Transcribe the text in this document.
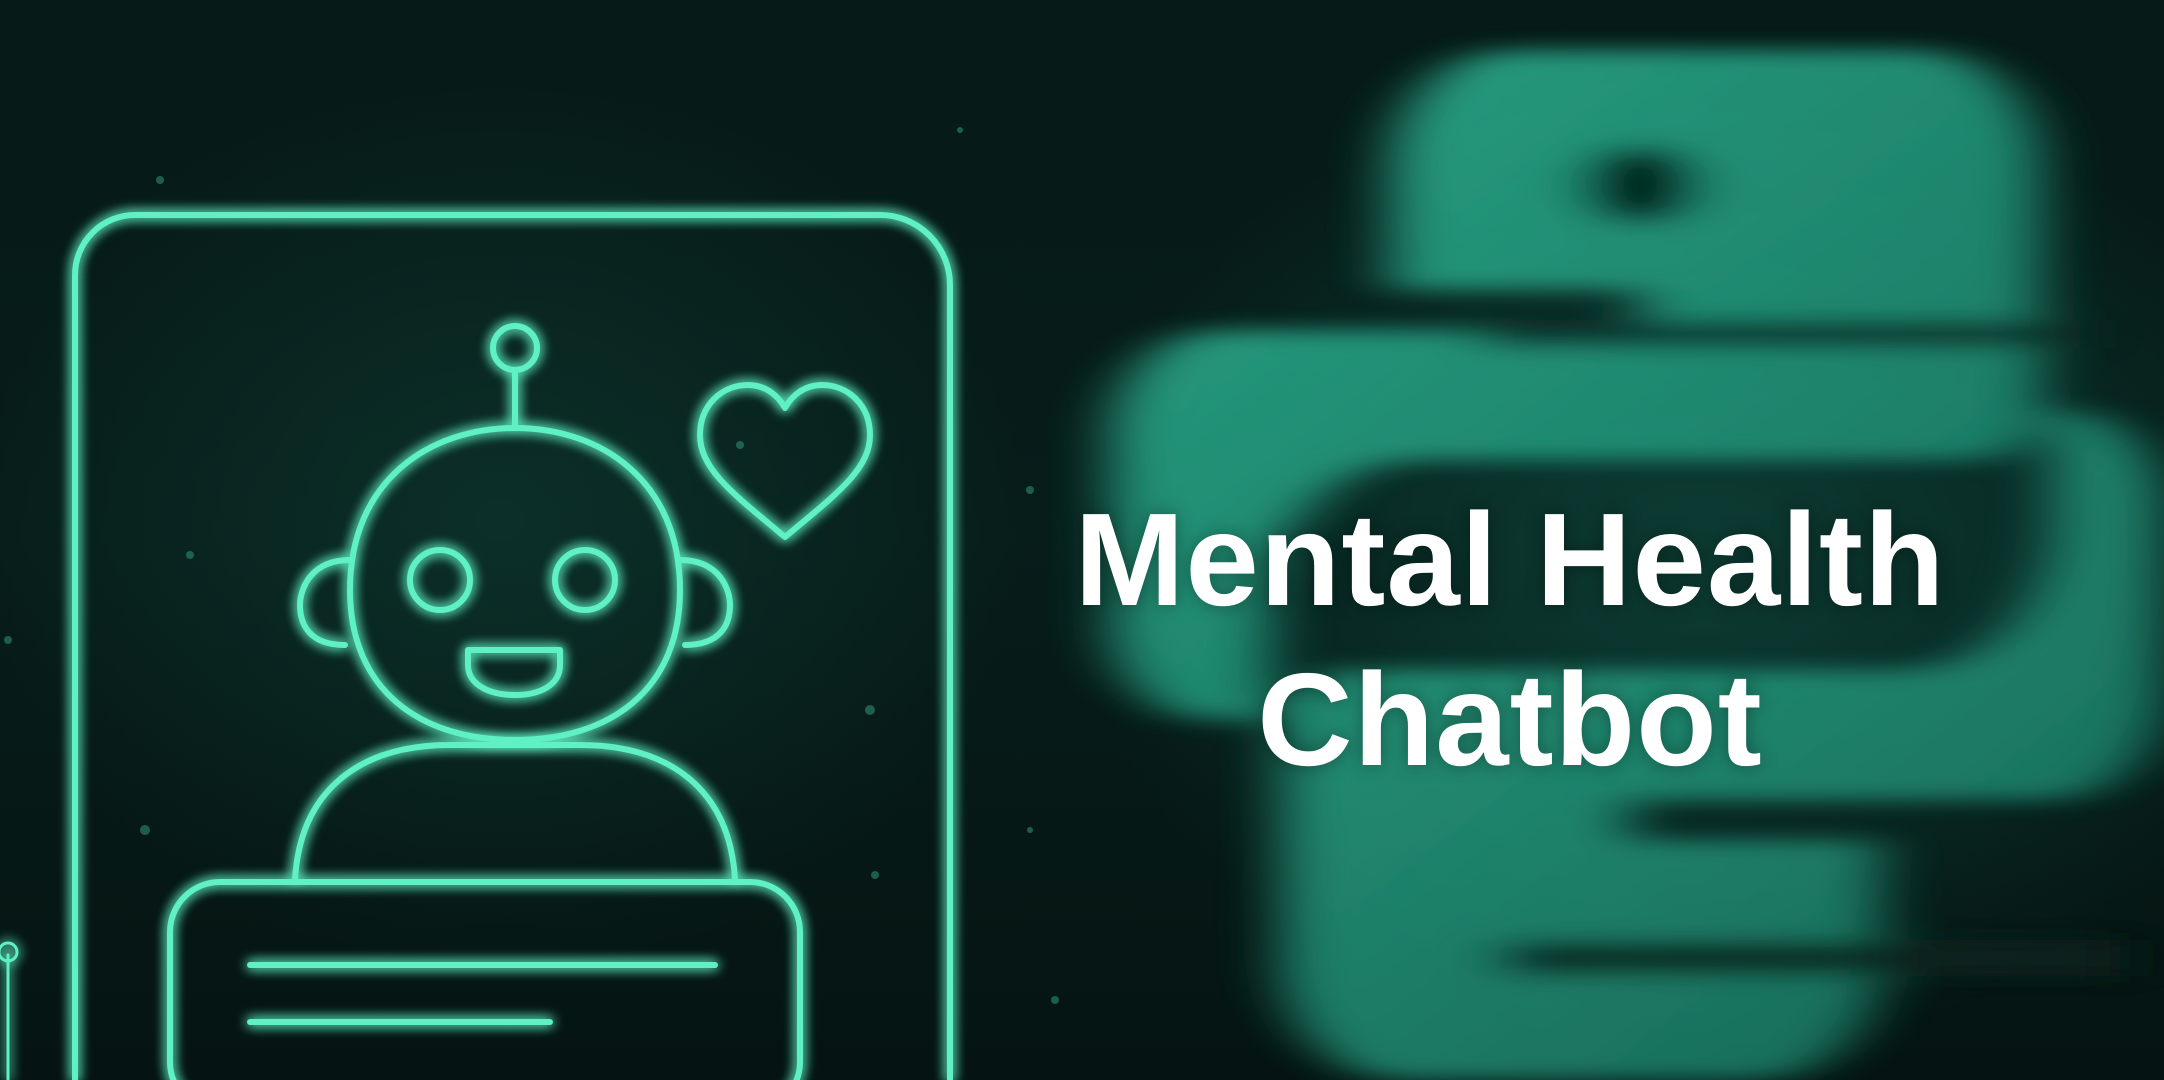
Mental Health
Chatbot
